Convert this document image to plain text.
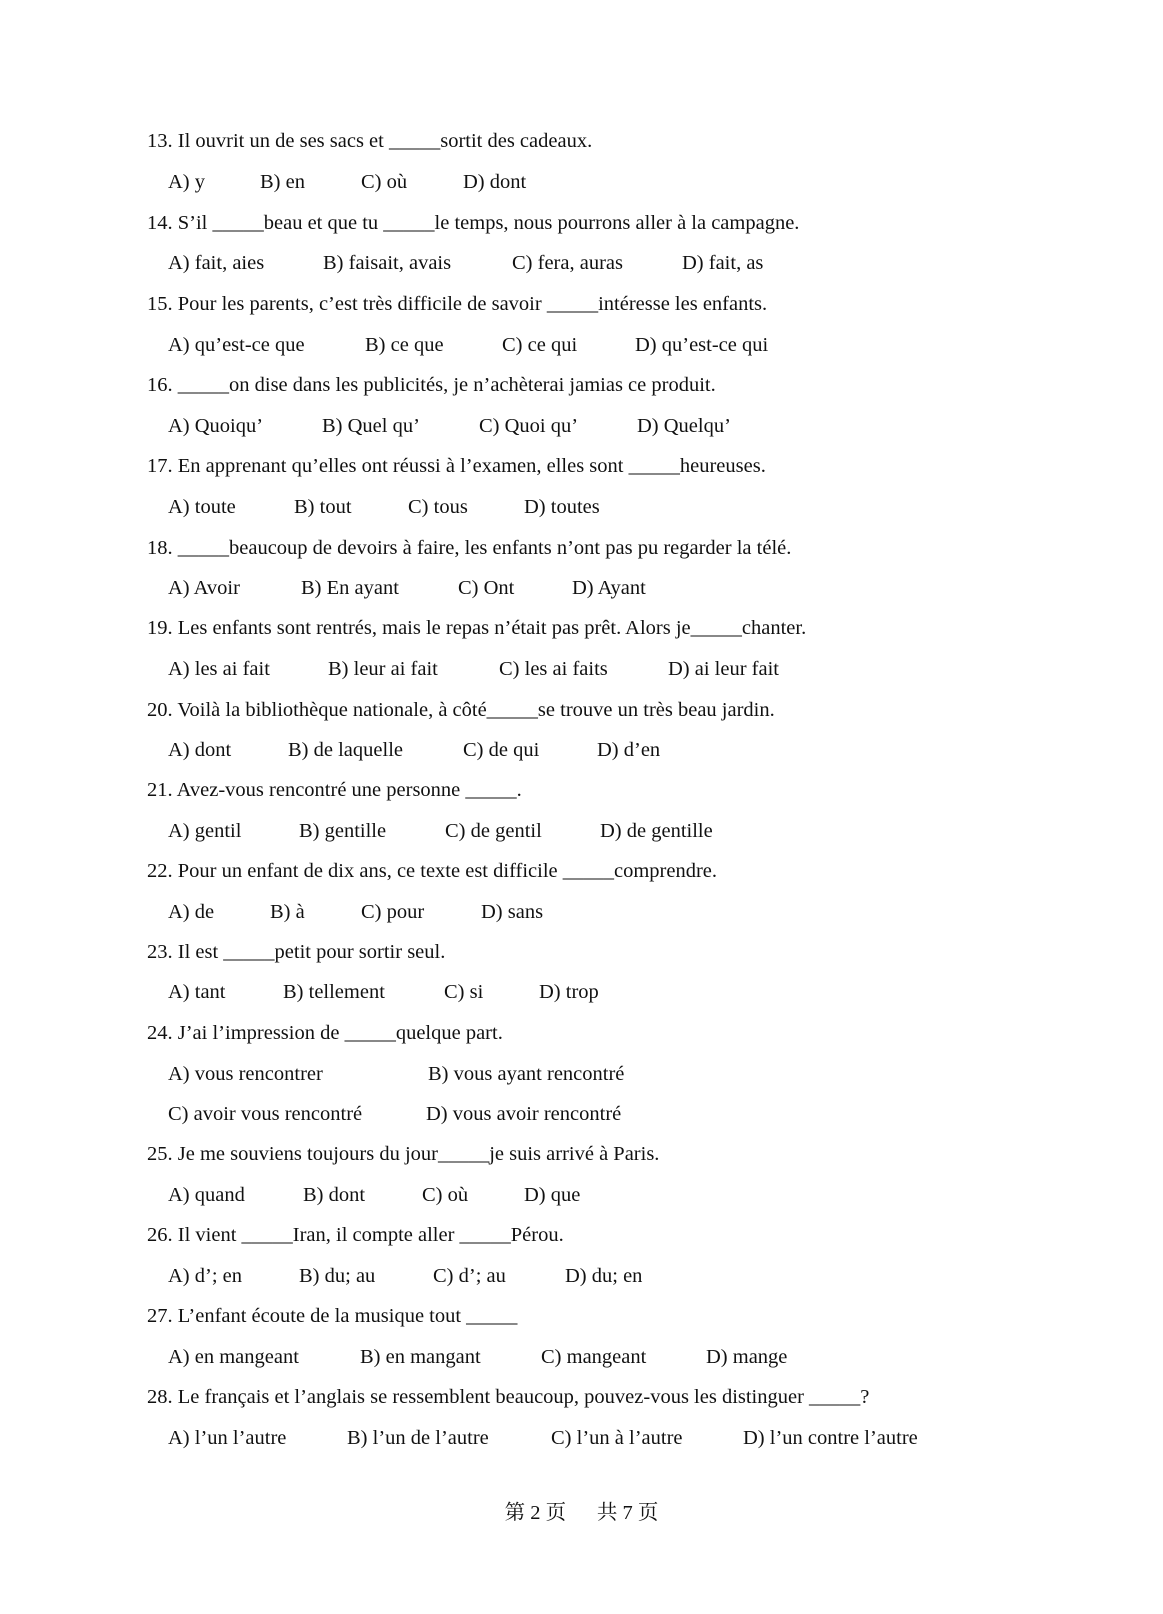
13. Il ouvrit un de ses sacs et _____sortit des cadeaux.
A) y	B) en	C) où	D) dont
14. S’il _____beau et que tu _____le temps, nous pourrons aller à la campagne.
A) fait, aies	B) faisait, avais	C) fera, auras	D) fait, as
15. Pour les parents, c’est très difficile de savoir _____intéresse les enfants.
A) qu’est-ce que	B) ce que	C) ce qui	D) qu’est-ce qui
16. _____on dise dans les publicités, je n’achèterai jamias ce produit.
A) Quoiqu’	B) Quel qu’	C) Quoi qu’	D) Quelqu’
17. En apprenant qu’elles ont réussi à l’examen, elles sont _____heureuses.
A) toute	B) tout	C) tous	D) toutes
18. _____beaucoup de devoirs à faire, les enfants n’ont pas pu regarder la télé.
A) Avoir	B) En ayant	C) Ont	D) Ayant
19. Les enfants sont rentrés, mais le repas n’était pas prêt. Alors je_____chanter.
A) les ai fait	B) leur ai fait	C) les ai faits	D) ai leur fait
20. Voilà la bibliothèque nationale, à côté_____se trouve un très beau jardin.
A) dont	B) de laquelle	C) de qui	D) d’en
21. Avez-vous rencontré une personne _____.
A) gentil	B) gentille	C) de gentil	D) de gentille
22. Pour un enfant de dix ans, ce texte est difficile _____comprendre.
A) de	B) à	C) pour	D) sans
23. Il est _____petit pour sortir seul.
A) tant	B) tellement	C) si	D) trop
24. J’ai l’impression de _____quelque part.
A) vous rencontrer	B) vous ayant rencontré
C) avoir vous rencontré	D) vous avoir rencontré
25. Je me souviens toujours du jour_____je suis arrivé à Paris.
A) quand	B) dont	C) où	D) que
26. Il vient _____Iran, il compte aller _____Pérou.
A) d’; en	B) du; au	C) d’; au	D) du; en
27. L’enfant écoute de la musique tout _____
A) en mangeant	B) en mangant	C) mangeant	D) mange
28. Le français et l’anglais se ressemblent beaucoup, pouvez-vous les distinguer _____?
A) l’un l’autre	B) l’un de l’autre	C) l’un à l’autre	D) l’un contre l’autre
第 2 页 共 7 页
